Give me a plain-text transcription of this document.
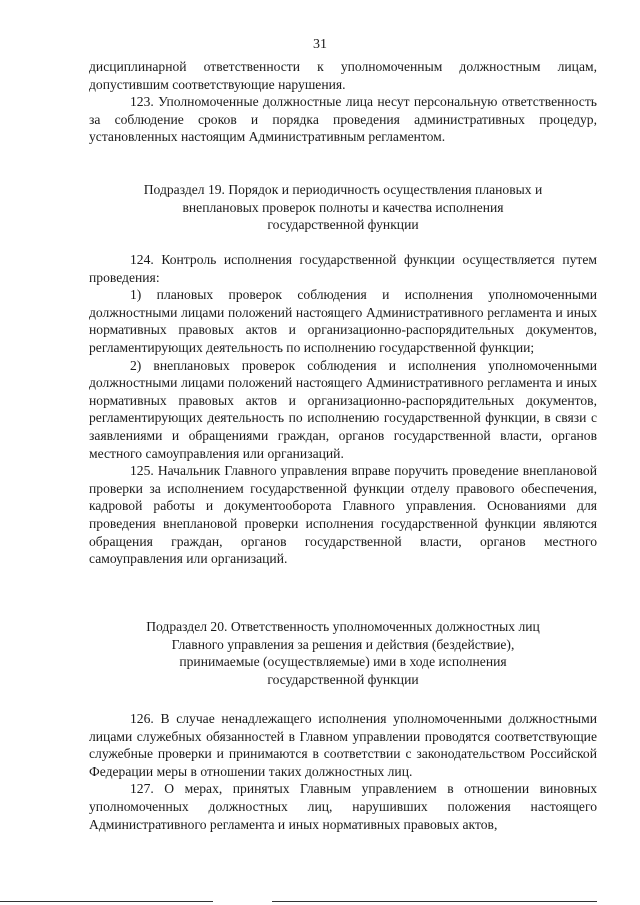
31

дисциплинарной ответственности к уполномоченным должностным лицам, допустившим соответствующие нарушения.

123. Уполномоченные должностные лица несут персональную ответственность за соблюдение сроков и порядка проведения административных процедур, установленных настоящим Административным регламентом.

Подраздел 19. Порядок и периодичность осуществления плановых и
внеплановых проверок полноты и качества исполнения
государственной функции

124. Контроль исполнения государственной функции осуществляется путем проведения:

1) плановых проверок соблюдения и исполнения уполномоченными должностными лицами положений настоящего Административного регламента и иных нормативных правовых актов и организационно-распорядительных документов, регламентирующих деятельность по исполнению государственной функции;

2) внеплановых проверок соблюдения и исполнения уполномоченными должностными лицами положений настоящего Административного регламента и иных нормативных правовых актов и организационно-распорядительных документов, регламентирующих деятельность по исполнению государственной функции, в связи с заявлениями и обращениями граждан, органов государственной власти, органов местного самоуправления или организаций.

125. Начальник Главного управления вправе поручить проведение внеплановой проверки за исполнением государственной функции отделу правового обеспечения, кадровой работы и документооборота Главного управления. Основаниями для проведения внеплановой проверки исполнения государственной функции являются обращения граждан, органов государственной власти, органов местного самоуправления или организаций.

Подраздел 20. Ответственность уполномоченных должностных лиц
Главного управления за решения и действия (бездействие),
принимаемые (осуществляемые) ими в ходе исполнения
государственной функции

126. В случае ненадлежащего исполнения уполномоченными должностными лицами служебных обязанностей в Главном управлении проводятся соответствующие служебные проверки и принимаются в соответствии с законодательством Российской Федерации меры в отношении таких должностных лиц.

127. О мерах, принятых Главным управлением в отношении виновных уполномоченных должностных лиц, нарушивших положения настоящего Административного регламента и иных нормативных правовых актов,
